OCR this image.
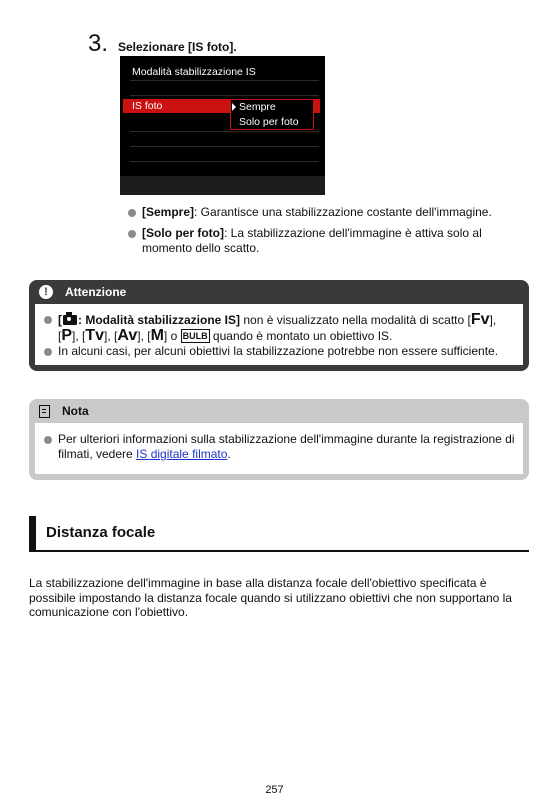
3. Selezionare [IS foto].
Modalità stabilizzazione IS
IS foto	Sempre
Solo per foto
[Sempre]: Garantisce una stabilizzazione costante dell'immagine.
[Solo per foto]: La stabilizzazione dell'immagine è attiva solo al momento dello scatto.
!	Attenzione
[ : Modalità stabilizzazione IS] non è visualizzato nella modalità di scatto [Fv],
[P], [Tv], [Av], [M] o BULB quando è montato un obiettivo IS.
In alcuni casi, per alcuni obiettivi la stabilizzazione potrebbe non essere sufficiente.
Nota
Per ulteriori informazioni sulla stabilizzazione dell'immagine durante la registrazione di filmati, vedere IS digitale filmato.
Distanza focale
La stabilizzazione dell'immagine in base alla distanza focale dell'obiettivo specificata è possibile impostando la distanza focale quando si utilizzano obiettivi che non supportano la comunicazione con l'obiettivo.
257
